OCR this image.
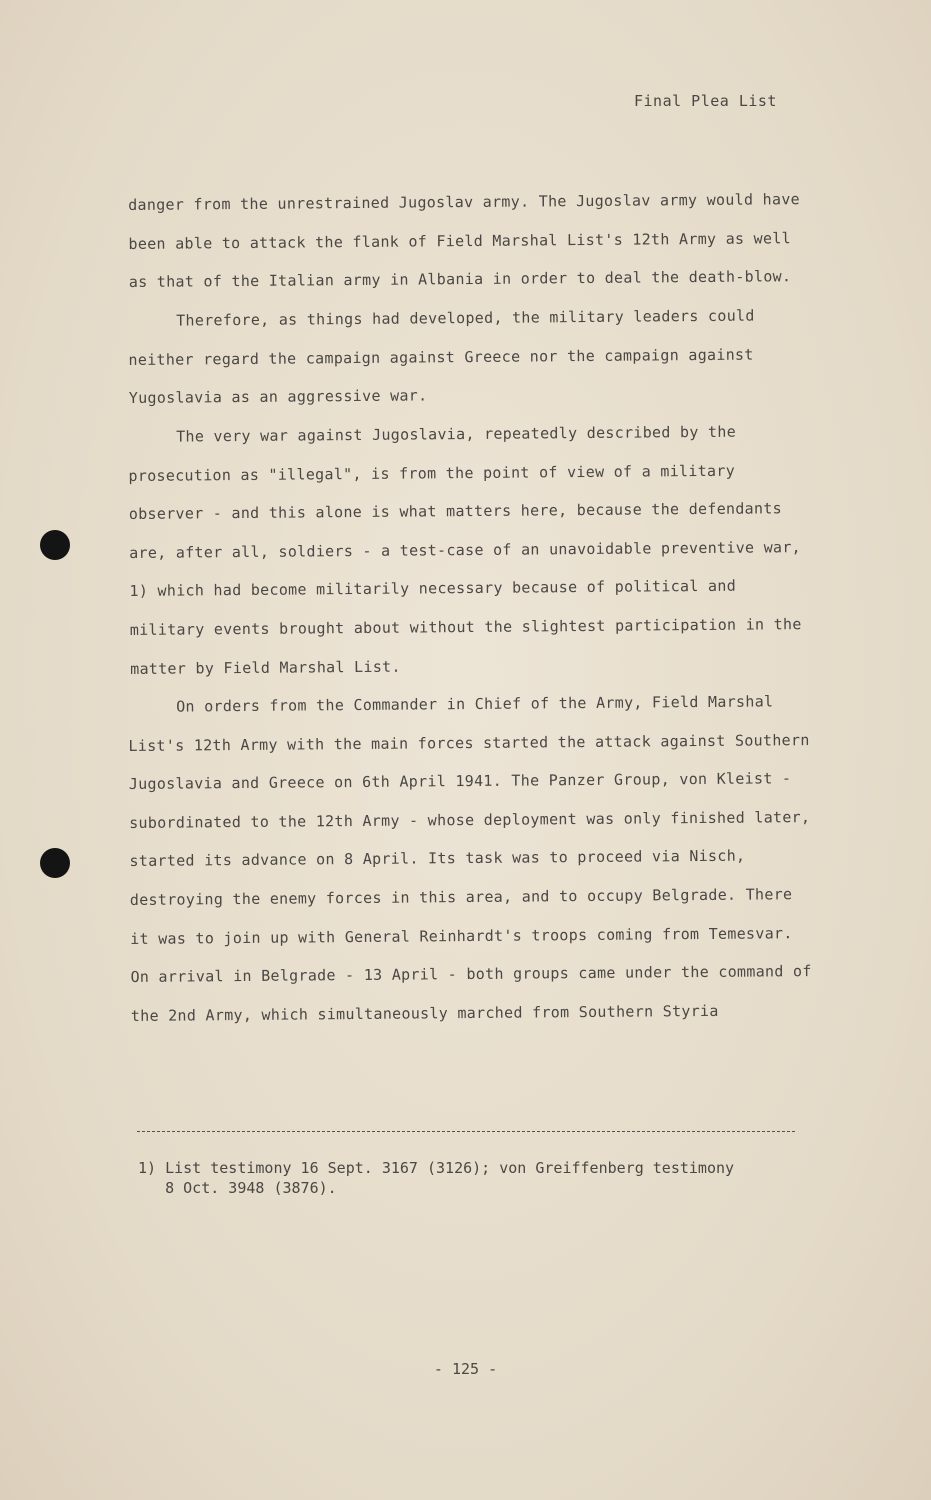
Final Plea List

danger from the unrestrained Jugoslav army. The Jugoslav army would have been able to attack the flank of Field Marshal List's 12th Army as well as that of the Italian army in Albania in order to deal the death-blow.

Therefore, as things had developed, the military leaders could neither regard the campaign against Greece nor the campaign against Yugoslavia as an aggressive war.

The very war against Jugoslavia, repeatedly described by the prosecution as "illegal", is from the point of view of a military observer - and this alone is what matters here, because the defendants are, after all, soldiers - a test-case of an unavoidable preventive war, 1) which had become militarily necessary because of political and military events brought about without the slightest participation in the matter by Field Marshal List.

On orders from the Commander in Chief of the Army, Field Marshal List's 12th Army with the main forces started the attack against Southern Jugoslavia and Greece on 6th April 1941. The Panzer Group, von Kleist - subordinated to the 12th Army - whose deployment was only finished later, started its advance on 8 April. Its task was to proceed via Nisch, destroying the enemy forces in this area, and to occupy Belgrade. There it was to join up with General Reinhardt's troops coming from Temesvar. On arrival in Belgrade - 13 April - both groups came under the command of the 2nd Army, which simultaneously marched from Southern Styria

1) List testimony 16 Sept. 3167 (3126); von Greiffenberg testimony
8 Oct. 3948 (3876).
- 125 -
